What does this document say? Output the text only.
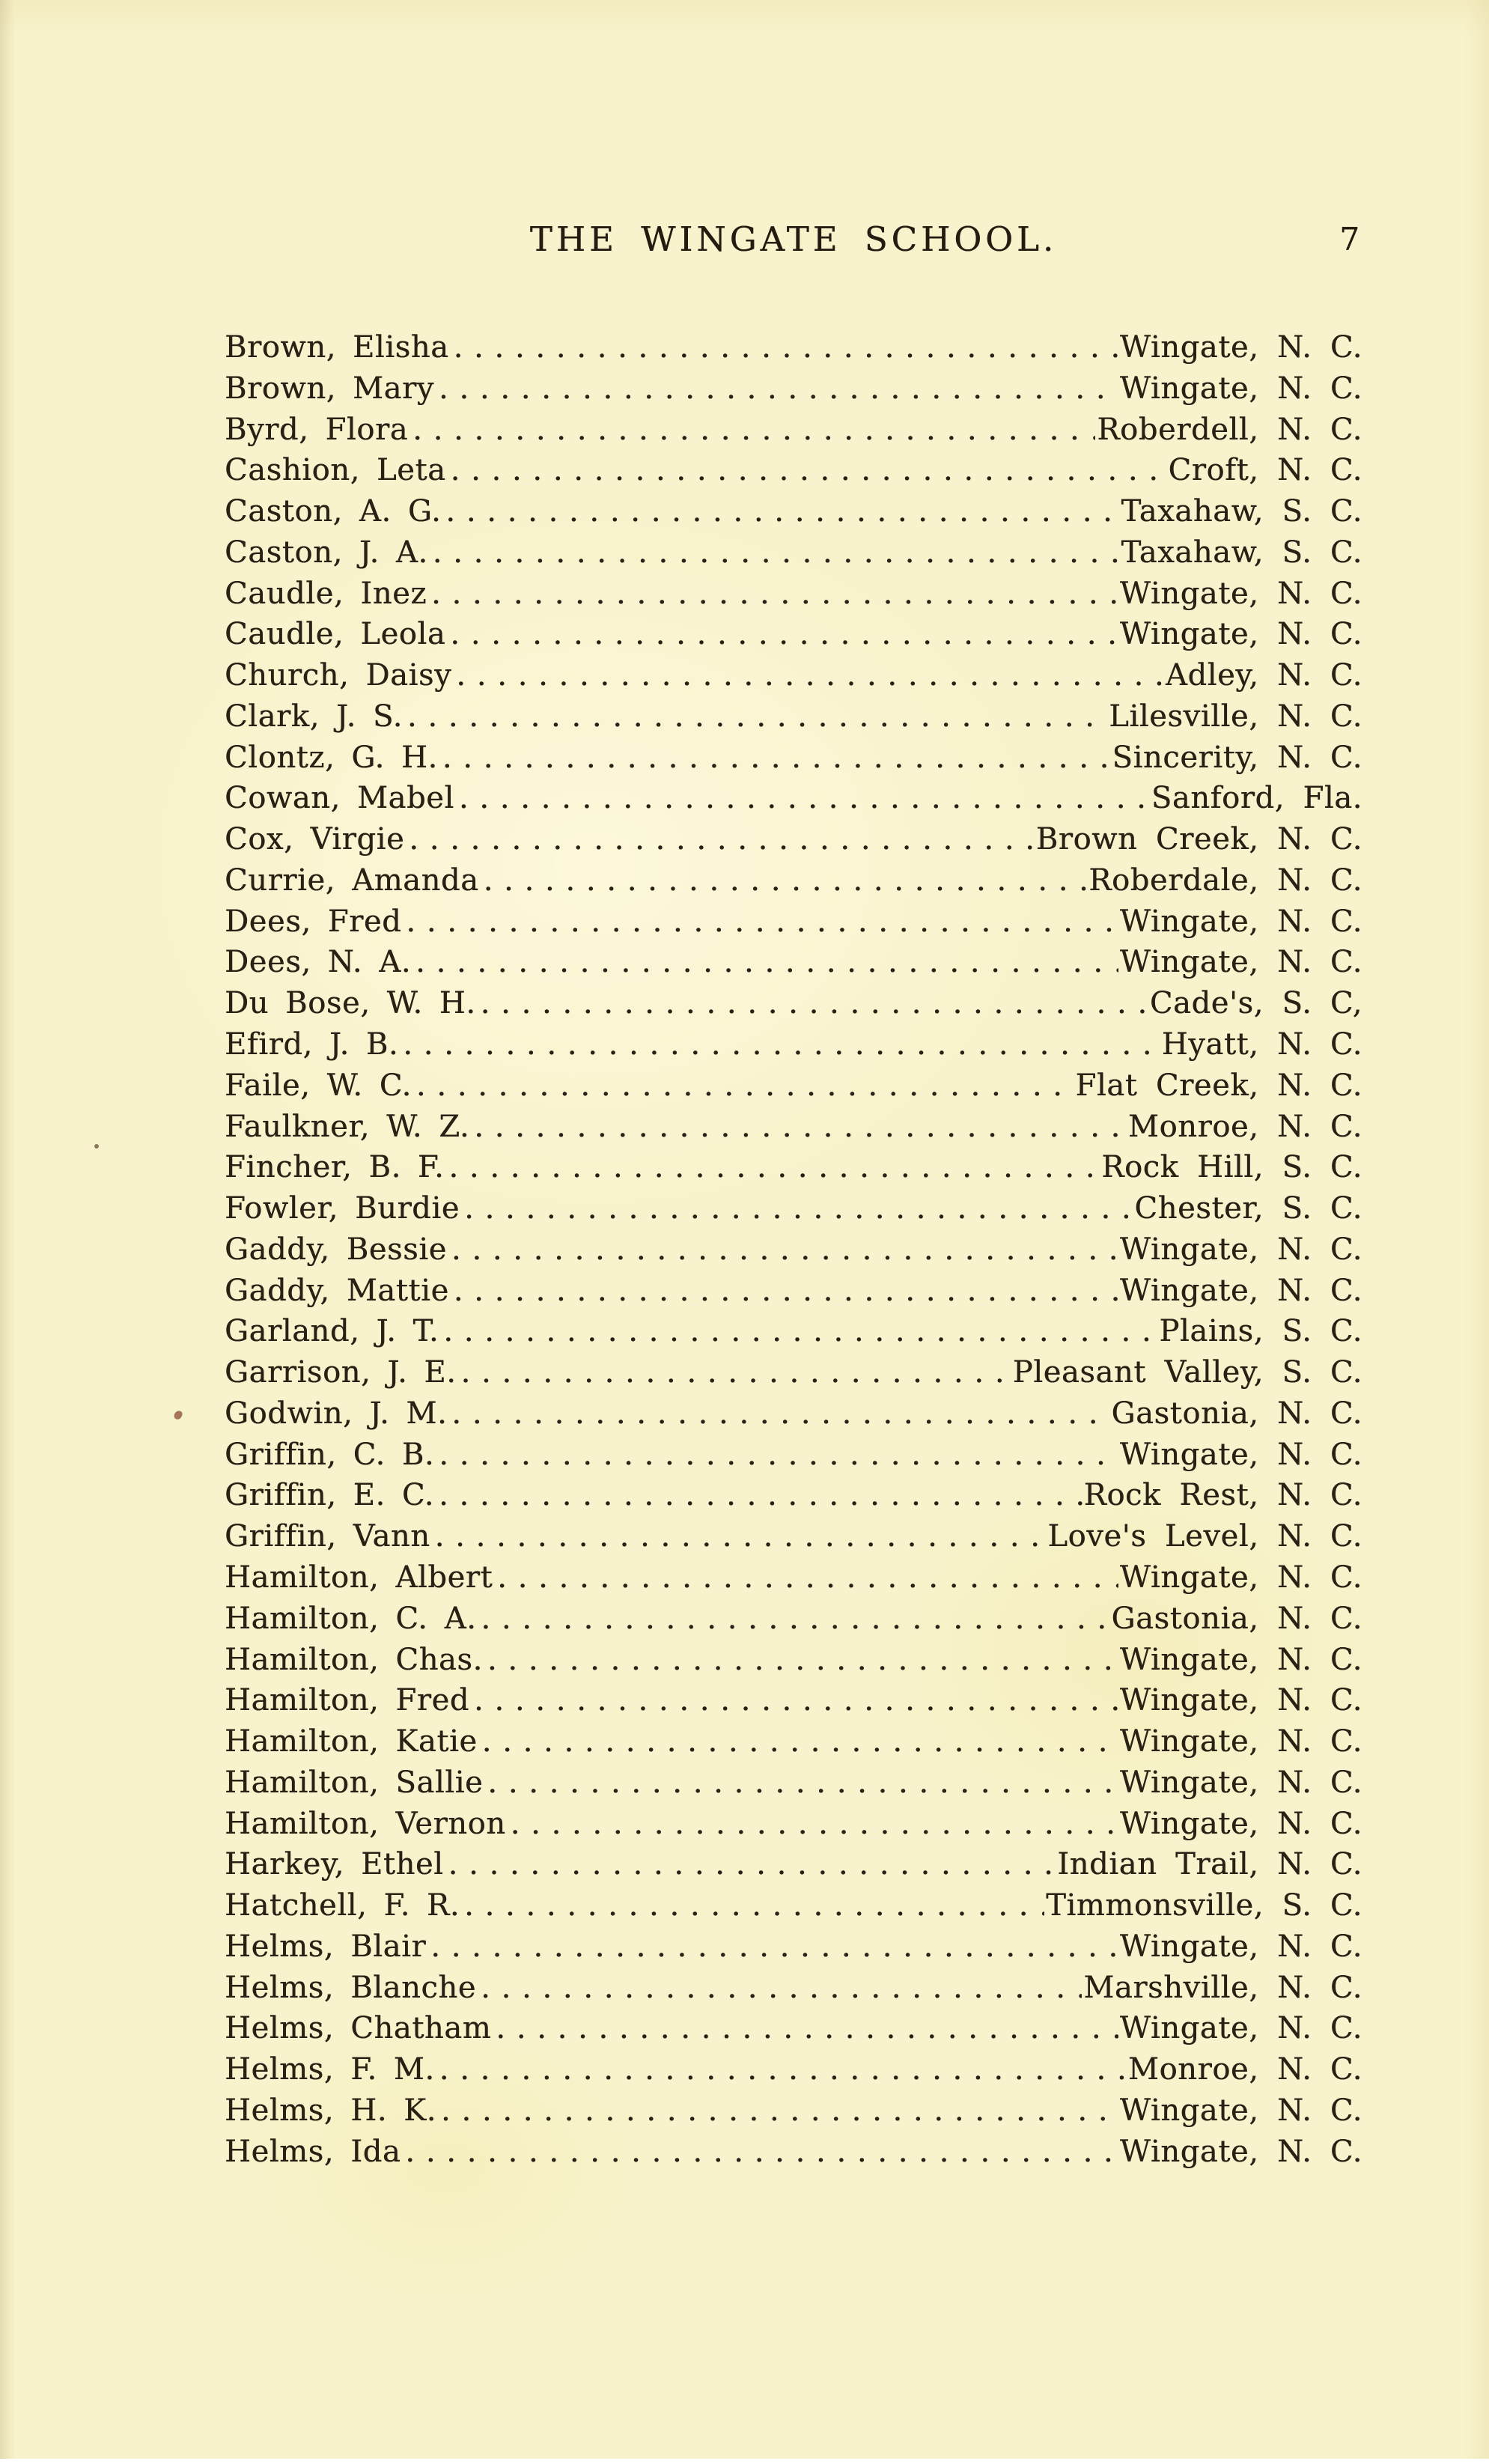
THE WINGATE SCHOOL.	7
Brown, Elisha . . .	Wingate, N. C.
Brown, Mary . . .	Wingate, N. C.
Byrd, Flora . . .	Roberdell, N. C.
Cashion, Leta . . .	Croft, N. C.
Caston, A. G. . . .	Taxahaw, S. C.
Caston, J. A. . . .	Taxahaw, S. C.
Caudle, Inez . . .	Wingate, N. C.
Caudle, Leola . . .	Wingate, N. C.
Church, Daisy . . .	Adley, N. C.
Clark, J. S. . . .	Lilesville, N. C.
Clontz, G. H. . . .	Sincerity, N. C.
Cowan, Mabel . . .	Sanford, Fla.
Cox, Virgie . . .	Brown Creek, N. C.
Currie, Amanda . . .	Roberdale, N. C.
Dees, Fred . . .	Wingate, N. C.
Dees, N. A. . . .	Wingate, N. C.
Du Bose, W. H. . . .	Cade's, S. C,
Efird, J. B. . . .	Hyatt, N. C.
Faile, W. C. . . .	Flat Creek, N. C.
Faulkner, W. Z. . . .	Monroe, N. C.
Fincher, B. F. . . .	Rock Hill, S. C.
Fowler, Burdie . . .	Chester, S. C.
Gaddy, Bessie . . .	Wingate, N. C.
Gaddy, Mattie . . .	Wingate, N. C.
Garland, J. T. . . .	Plains, S. C.
Garrison, J. E. . . .	Pleasant Valley, S. C.
Godwin, J. M. . . .	Gastonia, N. C.
Griffin, C. B. . . .	Wingate, N. C.
Griffin, E. C. . . .	Rock Rest, N. C.
Griffin, Vann . . .	Love's Level, N. C.
Hamilton, Albert . . .	Wingate, N. C.
Hamilton, C. A. . . .	Gastonia, N. C.
Hamilton, Chas. . . .	Wingate, N. C.
Hamilton, Fred . . .	Wingate, N. C.
Hamilton, Katie . . .	Wingate, N. C.
Hamilton, Sallie . . .	Wingate, N. C.
Hamilton, Vernon . . .	Wingate, N. C.
Harkey, Ethel . . .	Indian Trail, N. C.
Hatchell, F. R. . . .	Timmonsville, S. C.
Helms, Blair . . .	Wingate, N. C.
Helms, Blanche . . .	Marshville, N. C.
Helms, Chatham . . .	Wingate, N. C.
Helms, F. M. . . .	Monroe, N. C.
Helms, H. K. . . .	Wingate, N. C.
Helms, Ida . . .	Wingate, N. C.
